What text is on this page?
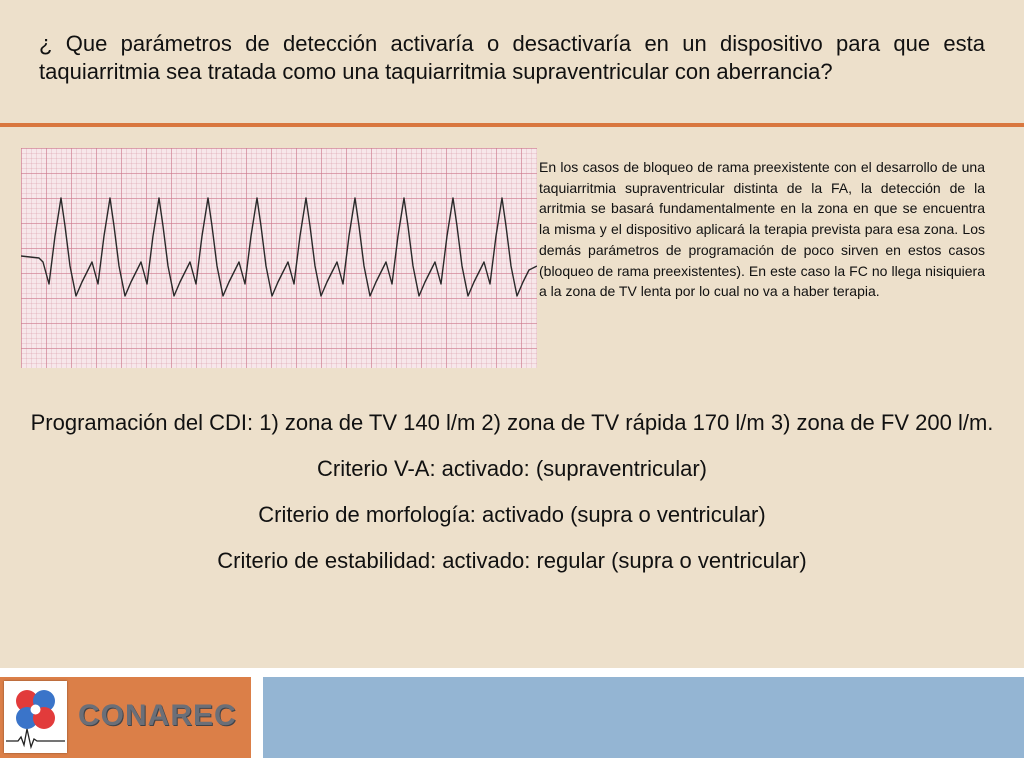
¿ Que parámetros de detección activaría o desactivaría en un dispositivo para que esta taquiarritmia sea tratada como una taquiarritmia supraventricular con aberrancia?

En los casos de bloqueo de rama preexistente con el desarrollo de una taquiarritmia supraventricular distinta de la FA, la detección de la arritmia se basará fundamentalmente en la zona en que se encuentra la misma y el dispositivo aplicará la terapia prevista para esa zona. Los demás parámetros de programación de poco sirven en estos casos (bloqueo de rama preexistentes). En este caso la FC no llega nisiquiera a la zona de TV lenta por lo cual no va a haber terapia.

Programación del CDI: 1) zona de TV 140 l/m 2) zona de TV rápida 170 l/m 3) zona de FV 200 l/m.

Criterio V-A: activado: (supraventricular)

Criterio de morfología: activado (supra o ventricular)

Criterio de estabilidad: activado: regular (supra o ventricular)

CONAREC
